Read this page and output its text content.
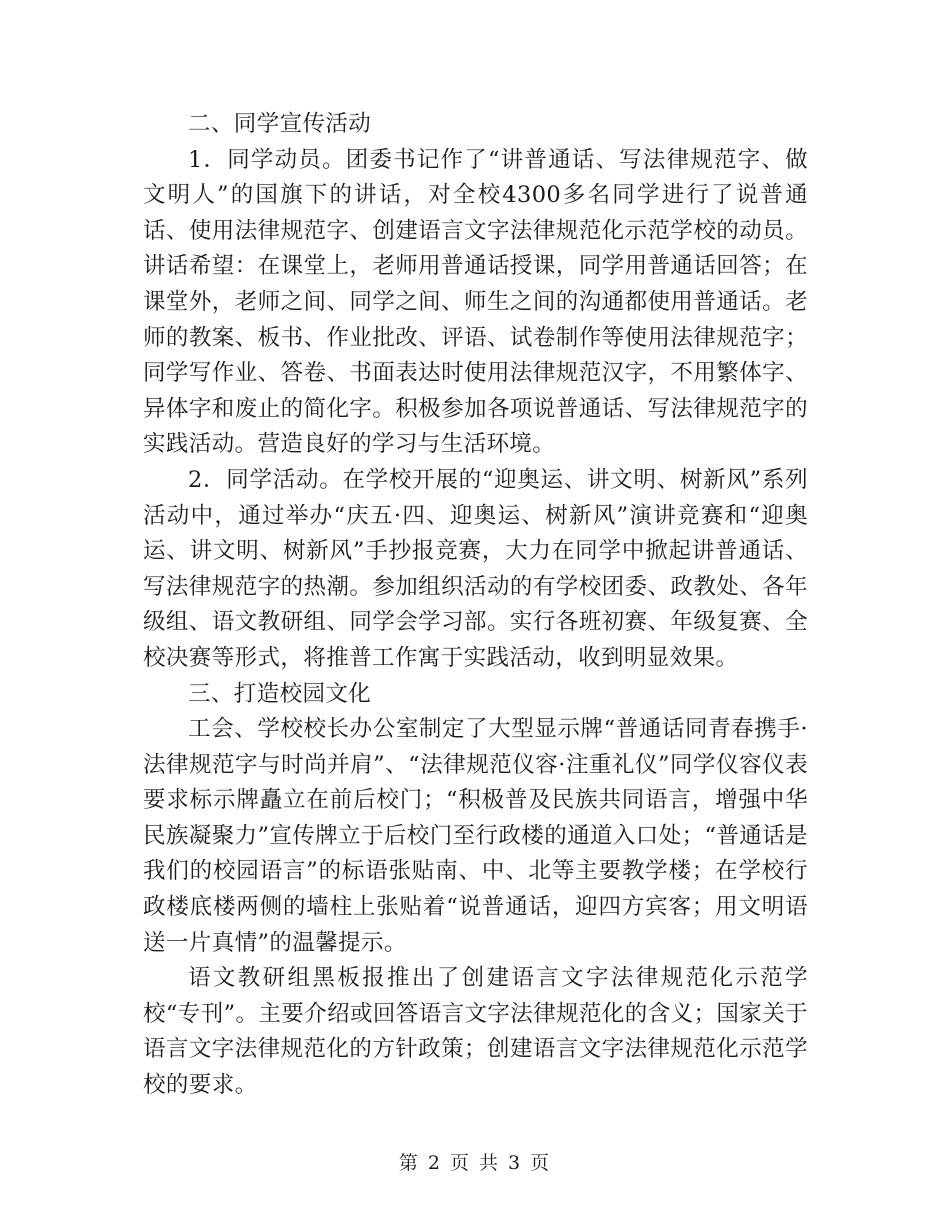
二、同学宣传活动

1．同学动员。团委书记作了“讲普通话、写法律规范字、做文明人”的国旗下的讲话，对全校4300多名同学进行了说普通话、使用法律规范字、创建语言文字法律规范化示范学校的动员。讲话希望：在课堂上，老师用普通话授课，同学用普通话回答；在课堂外，老师之间、同学之间、师生之间的沟通都使用普通话。老师的教案、板书、作业批改、评语、试卷制作等使用法律规范字；同学写作业、答卷、书面表达时使用法律规范汉字，不用繁体字、异体字和废止的简化字。积极参加各项说普通话、写法律规范字的实践活动。营造良好的学习与生活环境。

2．同学活动。在学校开展的“迎奥运、讲文明、树新风”系列活动中，通过举办“庆五·四、迎奥运、树新风”演讲竞赛和“迎奥运、讲文明、树新风”手抄报竞赛，大力在同学中掀起讲普通话、写法律规范字的热潮。参加组织活动的有学校团委、政教处、各年级组、语文教研组、同学会学习部。实行各班初赛、年级复赛、全校决赛等形式，将推普工作寓于实践活动，收到明显效果。

三、打造校园文化

工会、学校校长办公室制定了大型显示牌“普通话同青春携手·法律规范字与时尚并肩”、“法律规范仪容·注重礼仪”同学仪容仪表要求标示牌矗立在前后校门；“积极普及民族共同语言，增强中华民族凝聚力”宣传牌立于后校门至行政楼的通道入口处；“普通话是我们的校园语言”的标语张贴南、中、北等主要教学楼；在学校行政楼底楼两侧的墙柱上张贴着“说普通话，迎四方宾客；用文明语送一片真情”的温馨提示。

语文教研组黑板报推出了创建语言文字法律规范化示范学校“专刊”。主要介绍或回答语言文字法律规范化的含义；国家关于语言文字法律规范化的方针政策；创建语言文字法律规范化示范学校的要求。

第 2 页 共 3 页
